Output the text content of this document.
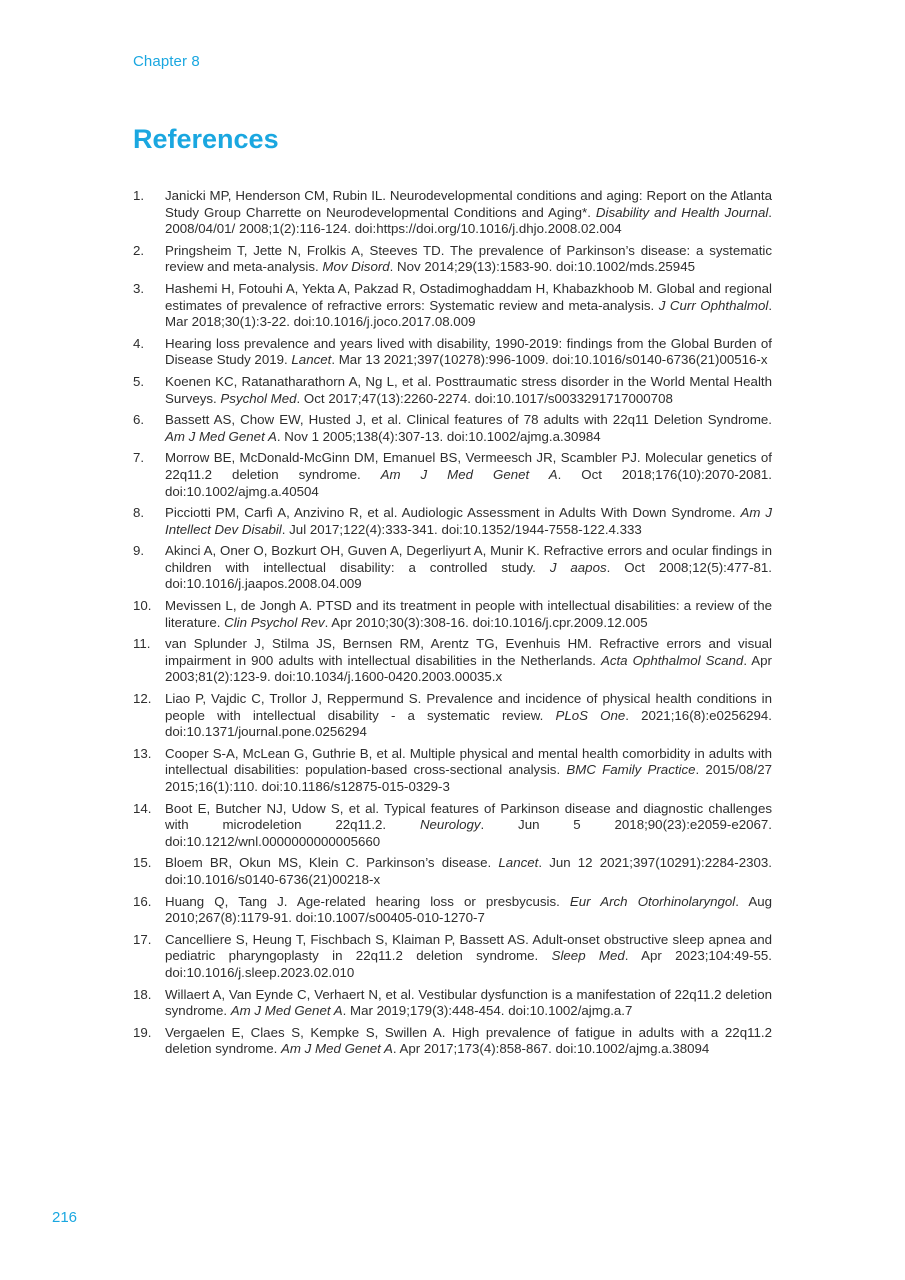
Chapter 8
References
1.	Janicki MP, Henderson CM, Rubin IL. Neurodevelopmental conditions and aging: Report on the Atlanta Study Group Charrette on Neurodevelopmental Conditions and Aging*. Disability and Health Journal. 2008/04/01/ 2008;1(2):116-124. doi:https://doi.org/10.1016/j.dhjo.2008.02.004
2.	Pringsheim T, Jette N, Frolkis A, Steeves TD. The prevalence of Parkinson’s disease: a systematic review and meta-analysis. Mov Disord. Nov 2014;29(13):1583-90. doi:10.1002/mds.25945
3.	Hashemi H, Fotouhi A, Yekta A, Pakzad R, Ostadimoghaddam H, Khabazkhoob M. Global and regional estimates of prevalence of refractive errors: Systematic review and meta-analysis. J Curr Ophthalmol. Mar 2018;30(1):3-22. doi:10.1016/j.joco.2017.08.009
4.	Hearing loss prevalence and years lived with disability, 1990-2019: findings from the Global Burden of Disease Study 2019. Lancet. Mar 13 2021;397(10278):996-1009. doi:10.1016/s0140-6736(21)00516-x
5.	Koenen KC, Ratanatharathorn A, Ng L, et al. Posttraumatic stress disorder in the World Mental Health Surveys. Psychol Med. Oct 2017;47(13):2260-2274. doi:10.1017/s0033291717000708
6.	Bassett AS, Chow EW, Husted J, et al. Clinical features of 78 adults with 22q11 Deletion Syndrome. Am J Med Genet A. Nov 1 2005;138(4):307-13. doi:10.1002/ajmg.a.30984
7.	Morrow BE, McDonald-McGinn DM, Emanuel BS, Vermeesch JR, Scambler PJ. Molecular genetics of 22q11.2 deletion syndrome. Am J Med Genet A. Oct 2018;176(10):2070-2081. doi:10.1002/ajmg.a.40504
8.	Picciotti PM, Carfì A, Anzivino R, et al. Audiologic Assessment in Adults With Down Syndrome. Am J Intellect Dev Disabil. Jul 2017;122(4):333-341. doi:10.1352/1944-7558-122.4.333
9.	Akinci A, Oner O, Bozkurt OH, Guven A, Degerliyurt A, Munir K. Refractive errors and ocular findings in children with intellectual disability: a controlled study. J aapos. Oct 2008;12(5):477-81. doi:10.1016/j.jaapos.2008.04.009
10.	Mevissen L, de Jongh A. PTSD and its treatment in people with intellectual disabilities: a review of the literature. Clin Psychol Rev. Apr 2010;30(3):308-16. doi:10.1016/j.cpr.2009.12.005
11.	van Splunder J, Stilma JS, Bernsen RM, Arentz TG, Evenhuis HM. Refractive errors and visual impairment in 900 adults with intellectual disabilities in the Netherlands. Acta Ophthalmol Scand. Apr 2003;81(2):123-9. doi:10.1034/j.1600-0420.2003.00035.x
12.	Liao P, Vajdic C, Trollor J, Reppermund S. Prevalence and incidence of physical health conditions in people with intellectual disability - a systematic review. PLoS One. 2021;16(8):e0256294. doi:10.1371/journal.pone.0256294
13.	Cooper S-A, McLean G, Guthrie B, et al. Multiple physical and mental health comorbidity in adults with intellectual disabilities: population-based cross-sectional analysis. BMC Family Practice. 2015/08/27 2015;16(1):110. doi:10.1186/s12875-015-0329-3
14.	Boot E, Butcher NJ, Udow S, et al. Typical features of Parkinson disease and diagnostic challenges with microdeletion 22q11.2. Neurology. Jun 5 2018;90(23):e2059-e2067. doi:10.1212/wnl.0000000000005660
15.	Bloem BR, Okun MS, Klein C. Parkinson’s disease. Lancet. Jun 12 2021;397(10291):2284-2303. doi:10.1016/s0140-6736(21)00218-x
16.	Huang Q, Tang J. Age-related hearing loss or presbycusis. Eur Arch Otorhinolaryngol. Aug 2010;267(8):1179-91. doi:10.1007/s00405-010-1270-7
17.	Cancelliere S, Heung T, Fischbach S, Klaiman P, Bassett AS. Adult-onset obstructive sleep apnea and pediatric pharyngoplasty in 22q11.2 deletion syndrome. Sleep Med. Apr 2023;104:49-55. doi:10.1016/j.sleep.2023.02.010
18.	Willaert A, Van Eynde C, Verhaert N, et al. Vestibular dysfunction is a manifestation of 22q11.2 deletion syndrome. Am J Med Genet A. Mar 2019;179(3):448-454. doi:10.1002/ajmg.a.7
19.	Vergaelen E, Claes S, Kempke S, Swillen A. High prevalence of fatigue in adults with a 22q11.2 deletion syndrome. Am J Med Genet A. Apr 2017;173(4):858-867. doi:10.1002/ajmg.a.38094
216
